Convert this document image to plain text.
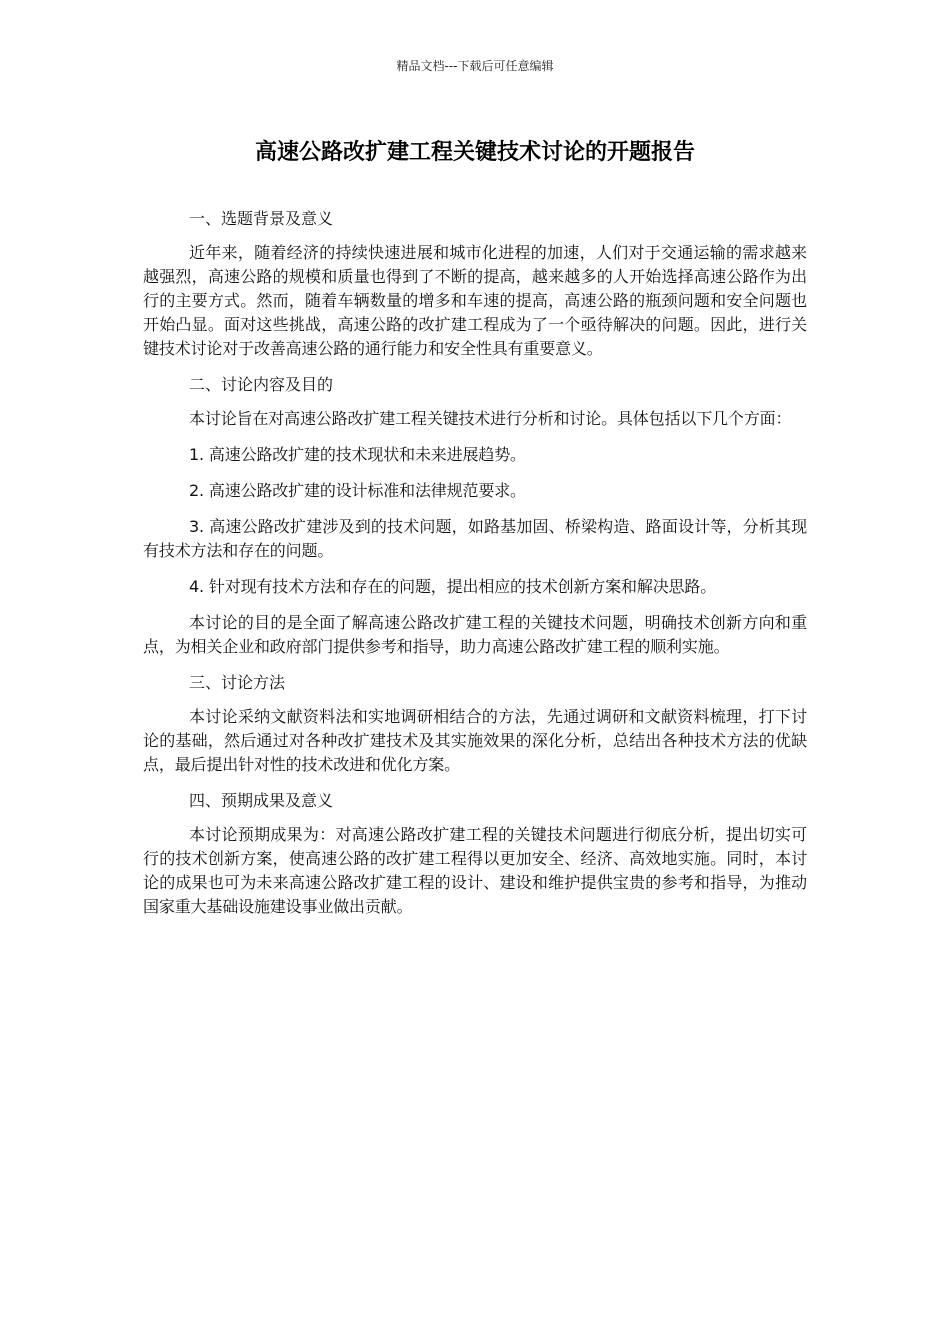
精品文档---下载后可任意编辑
高速公路改扩建工程关键技术讨论的开题报告

一、选题背景及意义

近年来，随着经济的持续快速进展和城市化进程的加速，人们对于交通运输的需求越来越强烈，高速公路的规模和质量也得到了不断的提高，越来越多的人开始选择高速公路作为出行的主要方式。然而，随着车辆数量的增多和车速的提高，高速公路的瓶颈问题和安全问题也开始凸显。面对这些挑战，高速公路的改扩建工程成为了一个亟待解决的问题。因此，进行关键技术讨论对于改善高速公路的通行能力和安全性具有重要意义。

二、讨论内容及目的

本讨论旨在对高速公路改扩建工程关键技术进行分析和讨论。具体包括以下几个方面：

1. 高速公路改扩建的技术现状和未来进展趋势。

2. 高速公路改扩建的设计标准和法律规范要求。

3. 高速公路改扩建涉及到的技术问题，如路基加固、桥梁构造、路面设计等，分析其现有技术方法和存在的问题。

4. 针对现有技术方法和存在的问题，提出相应的技术创新方案和解决思路。

本讨论的目的是全面了解高速公路改扩建工程的关键技术问题，明确技术创新方向和重点，为相关企业和政府部门提供参考和指导，助力高速公路改扩建工程的顺利实施。

三、讨论方法

本讨论采纳文献资料法和实地调研相结合的方法，先通过调研和文献资料梳理，打下讨论的基础，然后通过对各种改扩建技术及其实施效果的深化分析，总结出各种技术方法的优缺点，最后提出针对性的技术改进和优化方案。

四、预期成果及意义

本讨论预期成果为：对高速公路改扩建工程的关键技术问题进行彻底分析，提出切实可行的技术创新方案，使高速公路的改扩建工程得以更加安全、经济、高效地实施。同时，本讨论的成果也可为未来高速公路改扩建工程的设计、建设和维护提供宝贵的参考和指导，为推动国家重大基础设施建设事业做出贡献。
